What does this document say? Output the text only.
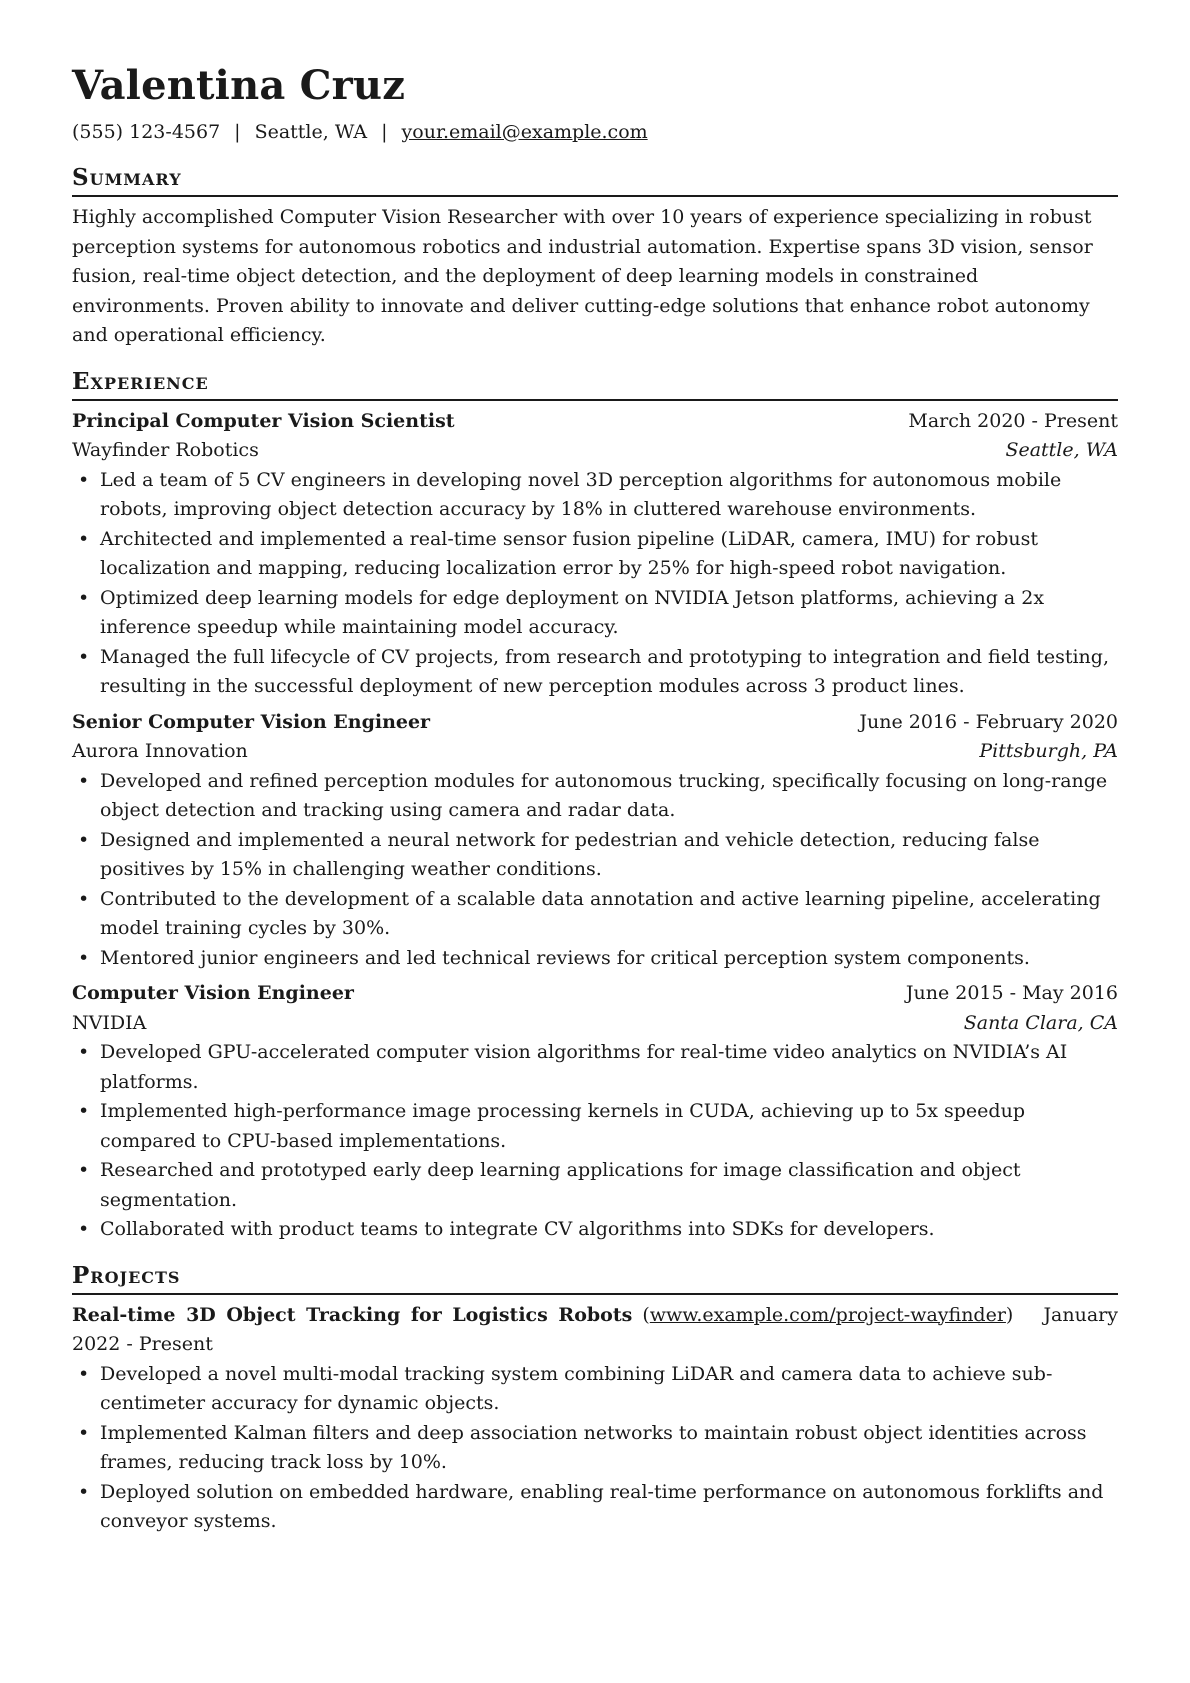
Valentina Cruz
(555) 123-4567 | Seattle, WA | your.email@example.com
Summary

Highly accomplished Computer Vision Researcher with over 10 years of experience specializing in robust perception systems for autonomous robotics and industrial automation. Expertise spans 3D vision, sensor fusion, real-time object detection, and the deployment of deep learning models in constrained environments. Proven ability to innovate and deliver cutting-edge solutions that enhance robot autonomy and operational efficiency.

Experience
Principal Computer Vision Scientist	March 2020 - Present
Wayfinder Robotics	Seattle, WA
• Led a team of 5 CV engineers in developing novel 3D perception algorithms for autonomous mobile robots, improving object detection accuracy by 18% in cluttered warehouse environments.
• Architected and implemented a real-time sensor fusion pipeline (LiDAR, camera, IMU) for robust localization and mapping, reducing localization error by 25% for high-speed robot navigation.
• Optimized deep learning models for edge deployment on NVIDIA Jetson platforms, achieving a 2x inference speedup while maintaining model accuracy.
• Managed the full lifecycle of CV projects, from research and prototyping to integration and field testing, resulting in the successful deployment of new perception modules across 3 product lines.
Senior Computer Vision Engineer	June 2016 - February 2020
Aurora Innovation	Pittsburgh, PA
• Developed and refined perception modules for autonomous trucking, specifically focusing on long-range object detection and tracking using camera and radar data.
• Designed and implemented a neural network for pedestrian and vehicle detection, reducing false positives by 15% in challenging weather conditions.
• Contributed to the development of a scalable data annotation and active learning pipeline, accelerating model training cycles by 30%.
• Mentored junior engineers and led technical reviews for critical perception system components.
Computer Vision Engineer	June 2015 - May 2016
NVIDIA	Santa Clara, CA
• Developed GPU-accelerated computer vision algorithms for real-time video analytics on NVIDIA’s AI platforms.
• Implemented high-performance image processing kernels in CUDA, achieving up to 5x speedup compared to CPU-based implementations.
• Researched and prototyped early deep learning applications for image classification and object segmentation.
• Collaborated with product teams to integrate CV algorithms into SDKs for developers.
Projects
Real-time 3D Object Tracking for Logistics Robots (www.example.com/project-wayfinder) January 2022 - Present
• Developed a novel multi-modal tracking system combining LiDAR and camera data to achieve sub-centimeter accuracy for dynamic objects.
• Implemented Kalman filters and deep association networks to maintain robust object identities across frames, reducing track loss by 10%.
• Deployed solution on embedded hardware, enabling real-time performance on autonomous forklifts and conveyor systems.
